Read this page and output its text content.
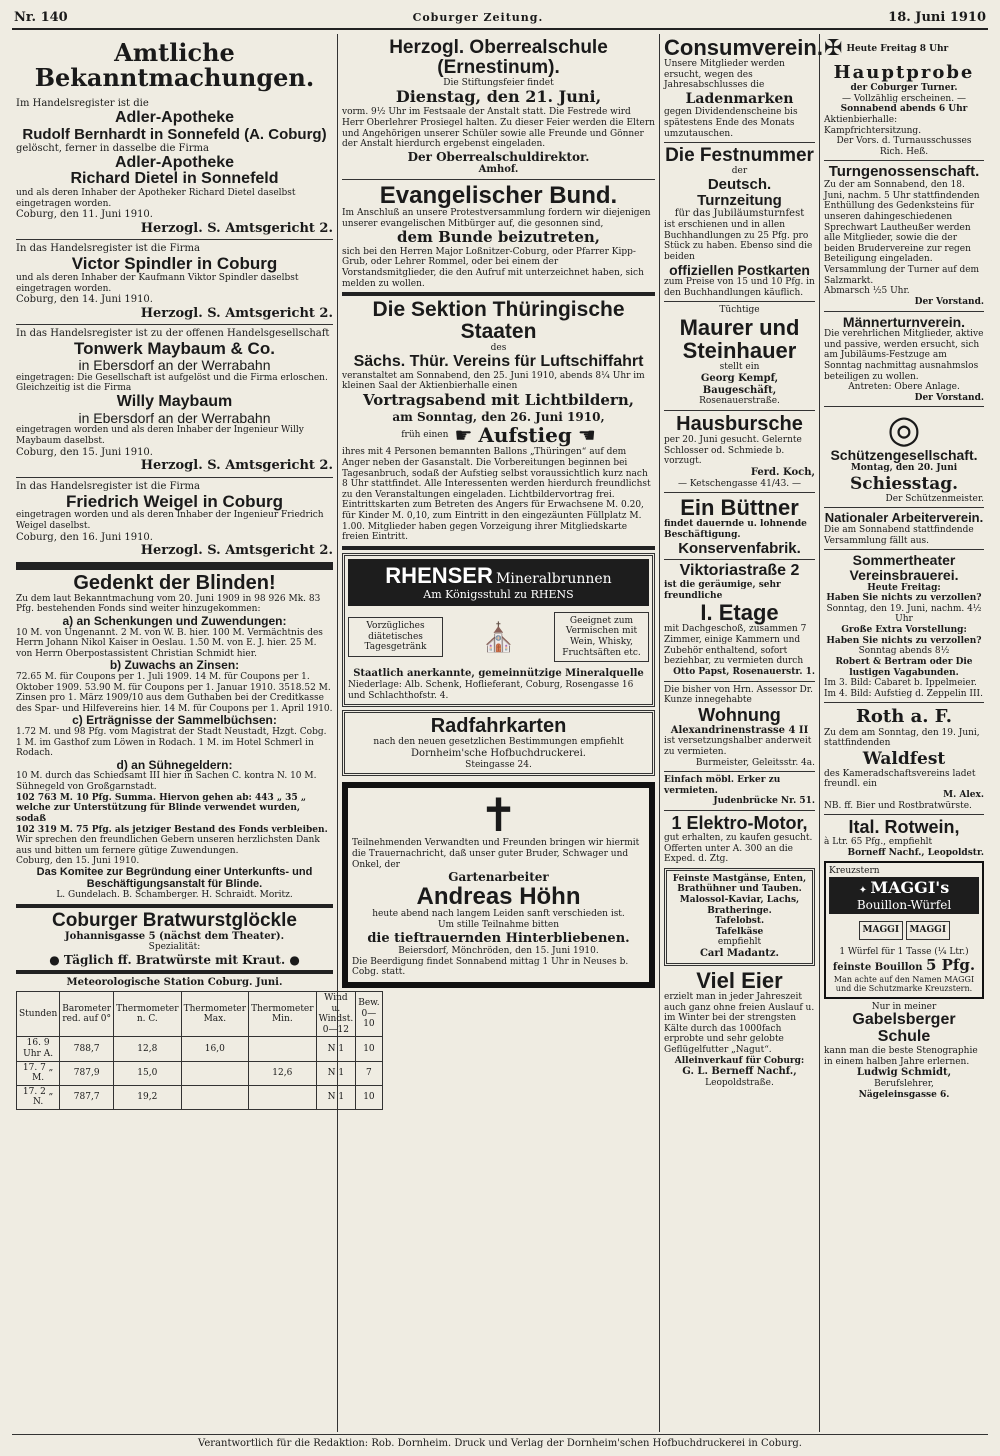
Nr. 140	Coburger Zeitung.	18. Juni 1910
Amtliche Bekanntmachungen.
Im Handelsregister ist die
Adler-Apotheke
Rudolf Bernhardt in Sonnefeld (A. Coburg)
gelöscht, ferner in dasselbe die Firma
Adler-Apotheke
Richard Dietel in Sonnefeld
und als deren Inhaber der Apotheker Richard Dietel daselbst eingetragen worden.
Coburg, den 11. Juni 1910.
Herzogl. S. Amtsgericht 2.
In das Handelsregister ist die Firma
Victor Spindler in Coburg
und als deren Inhaber der Kaufmann Viktor Spindler daselbst eingetragen worden.
Coburg, den 14. Juni 1910.
Herzogl. S. Amtsgericht 2.
In das Handelsregister ist zu der offenen Handelsgesellschaft
Tonwerk Maybaum & Co.
in Ebersdorf an der Werrabahn
eingetragen: Die Gesellschaft ist aufgelöst und die Firma erloschen. Gleichzeitig ist die Firma
Willy Maybaum
in Ebersdorf an der Werrabahn
eingetragen worden und als deren Inhaber der Ingenieur Willy Maybaum daselbst.
Coburg, den 15. Juni 1910.
Herzogl. S. Amtsgericht 2.
In das Handelsregister ist die Firma
Friedrich Weigel in Coburg
eingetragen worden und als deren Inhaber der Ingenieur Friedrich Weigel daselbst.
Coburg, den 16. Juni 1910.
Herzogl. S. Amtsgericht 2.
Gedenkt der Blinden!
Zu dem laut Bekanntmachung vom 20. Juni 1909 in 98 926 Mk. 83 Pfg. bestehenden Fonds sind weiter hinzugekommen:
a) an Schenkungen und Zuwendungen:
10 M. von Ungenannt. 2 M. von W. B. hier. 100 M. Vermächtnis des Herrn Johann Nikol Kaiser in Oeslau. 1.50 M. von E. J. hier. 25 M. von Herrn Oberpostassistent Christian Schmidt hier.
b) Zuwachs an Zinsen:
72.65 M. für Coupons per 1. Juli 1909. 14 M. für Coupons per 1. Oktober 1909. 53.90 M. für Coupons per 1. Januar 1910. 3518.52 M. Zinsen pro 1. März 1909/10 aus dem Guthaben bei der Creditkasse des Spar- und Hilfevereins hier. 14 M. für Coupons per 1. April 1910.
c) Erträgnisse der Sammelbüchsen:
1.72 M. und 98 Pfg. vom Magistrat der Stadt Neustadt, Hzgt. Cobg. 1 M. im Gasthof zum Löwen in Rodach. 1 M. im Hotel Schmerl in Rodach.
d) an Sühnegeldern:
10 M. durch das Schiedsamt III hier in Sachen C. kontra N. 10 M. Sühnegeld von Großgarnstadt.
102 763 M. 10 Pfg. Summa. Hiervon gehen ab: 443 „ 35 „ welche zur Unterstützung für Blinde verwendet wurden, sodaß
102 319 M. 75 Pfg. als jetziger Bestand des Fonds verbleiben.
Wir sprechen den freundlichen Gebern unseren herzlichsten Dank aus und bitten um fernere gütige Zuwendungen.
Coburg, den 15. Juni 1910.
Das Komitee zur Begründung einer Unterkunfts- und Beschäftigungsanstalt für Blinde.
L. Gundelach. B. Schamberger. H. Schraidt. Moritz.
Coburger Bratwurstglöckle
Johannisgasse 5 (nächst dem Theater).
Spezialität:
● Täglich ff. Bratwürste mit Kraut. ●
Meteorologische Station Coburg. Juni.
Stunden	Barometer red. auf 0°	Thermometer n. C.	Thermometer Max.	Thermometer Min.	Wind u. Windst. 0—12	Bew. 0—10
16. 9 Uhr A.	788,7	12,8	16,0		N 1	10
17. 7 „ M.	787,9	15,0		12,6	N 1	7
17. 2 „ N.	787,7	19,2			N 1	10
Herzogl. Oberrealschule (Ernestinum).
Die Stiftungsfeier findet
Dienstag, den 21. Juni,
vorm. 9½ Uhr im Festsaale der Anstalt statt. Die Festrede wird Herr Oberlehrer Prosiegel halten. Zu dieser Feier werden die Eltern und Angehörigen unserer Schüler sowie alle Freunde und Gönner der Anstalt hierdurch ergebenst eingeladen.
Der Oberrealschuldirektor.
Amhof.
Evangelischer Bund.
Im Anschluß an unsere Protestversammlung fordern wir diejenigen unserer evangelischen Mitbürger auf, die gesonnen sind,
dem Bunde beizutreten,
sich bei den Herren Major Loßnitzer-Coburg, oder Pfarrer Kipp-Grub, oder Lehrer Rommel, oder bei einem der Vorstandsmitglieder, die den Aufruf mit unterzeichnet haben, sich melden zu wollen.
Die Sektion Thüringische Staaten
des
Sächs. Thür. Vereins für Luftschiffahrt
veranstaltet am Sonnabend, den 25. Juni 1910, abends 8¼ Uhr im kleinen Saal der Aktienbierhalle einen
Vortragsabend mit Lichtbildern,
am Sonntag, den 26. Juni 1910,
früh einen ☛ Aufstieg ☚
ihres mit 4 Personen bemannten Ballons „Thüringen“ auf dem Anger neben der Gasanstalt. Die Vorbereitungen beginnen bei Tagesanbruch, sodaß der Aufstieg selbst voraussichtlich kurz nach 8 Uhr stattfindet. Alle Interessenten werden hierdurch freundlichst zu den Veranstaltungen eingeladen. Lichtbildervortrag frei. Eintrittskarten zum Betreten des Angers für Erwachsene M. 0.20, für Kinder M. 0,10, zum Eintritt in den eingezäunten Füllplatz M. 1.00. Mitglieder haben gegen Vorzeigung ihrer Mitgliedskarte freien Eintritt.
RHENSER Mineralbrunnen
Am Königsstuhl zu RHENS
Vorzügliches diätetisches Tagesgetränk	⛪	Geeignet zum Vermischen mit Wein, Whisky, Fruchtsäften etc.
Staatlich anerkannte, gemeinnützige Mineralquelle
Niederlage: Alb. Schenk, Hoflieferant, Coburg, Rosengasse 16 und Schlachthofstr. 4.
Radfahrkarten
nach den neuen gesetzlichen Bestimmungen empfiehlt
Dornheim'sche Hofbuchdruckerei.
Steingasse 24.
✝
Teilnehmenden Verwandten und Freunden bringen wir hiermit die Trauernachricht, daß unser guter Bruder, Schwager und Onkel, der
Gartenarbeiter
Andreas Höhn
heute abend nach langem Leiden sanft verschieden ist.
Um stille Teilnahme bitten
die tieftrauernden Hinterbliebenen.
Beiersdorf, Mönchröden, den 15. Juni 1910.
Die Beerdigung findet Sonnabend mittag 1 Uhr in Neuses b. Cobg. statt.
Consumverein.
Unsere Mitglieder werden ersucht, wegen des Jahresabschlusses die
Ladenmarken
gegen Dividendenscheine bis spätestens Ende des Monats umzutauschen.
Die Festnummer
der
Deutsch. Turnzeitung
für das Jubiläumsturnfest
ist erschienen und in allen Buchhandlungen zu 25 Pfg. pro Stück zu haben. Ebenso sind die beiden
offiziellen Postkarten
zum Preise von 15 und 10 Pfg. in den Buchhandlungen käuflich.
Tüchtige
Maurer und Steinhauer
stellt ein
Georg Kempf, Baugeschäft,
Rosenauerstraße.
Hausbursche
per 20. Juni gesucht. Gelernte Schlosser od. Schmiede b. vorzugt.
Ferd. Koch,
— Ketschengasse 41/43. —
Ein Büttner
findet dauernde u. lohnende Beschäftigung.
Konservenfabrik.
Viktoriastraße 2
ist die geräumige, sehr freundliche
I. Etage
mit Dachgeschoß, zusammen 7 Zimmer, einige Kammern und Zubehör enthaltend, sofort beziehbar, zu vermieten durch
Otto Papst, Rosenauerstr. 1.
Die bisher von Hrn. Assessor Dr. Kunze innegehabte
Wohnung
Alexandrinenstrasse 4 II
ist versetzungshalber anderweit zu vermieten.
Burmeister, Geleitsstr. 4a.
Einfach möbl. Erker zu vermieten.
Judenbrücke Nr. 51.
1 Elektro-Motor,
gut erhalten, zu kaufen gesucht. Offerten unter A. 300 an die Exped. d. Ztg.
Feinste Mastgänse, Enten, Brathühner und Tauben.
Malossol-Kaviar, Lachs, Bratheringe.
Tafelobst.
Tafelkäse
empfiehlt
Carl Madantz.
Viel Eier
erzielt man in jeder Jahreszeit auch ganz ohne freien Auslauf u. im Winter bei der strengsten Kälte durch das 1000fach erprobte und sehr gelobte Geflügelfutter „Nagut“.
Alleinverkauf für Coburg:
G. L. Berneff Nachf.,
Leopoldstraße.
✠ Heute Freitag 8 Uhr
Hauptprobe
der Coburger Turner.
— Vollzählig erscheinen. —
Sonnabend abends 6 Uhr
Aktienbierhalle: Kampfrichtersitzung.
Der Vors. d. Turnausschusses
Rich. Heß.
Turngenossenschaft.
Zu der am Sonnabend, den 18. Juni, nachm. 5 Uhr stattfindenden Enthüllung des Gedenksteins für unseren dahingeschiedenen Sprechwart Lautheußer werden alle Mitglieder, sowie die der beiden Brudervereine zur regen Beteiligung eingeladen. Versammlung der Turner auf dem Salzmarkt.
Abmarsch ½5 Uhr.
Der Vorstand.
Männerturnverein.
Die verehrlichen Mitglieder, aktive und passive, werden ersucht, sich am Jubiläums-Festzuge am Sonntag nachmittag ausnahmslos beteiligen zu wollen.
Antreten: Obere Anlage.
Der Vorstand.
◎
Schützengesellschaft.
Montag, den 20. Juni
Schiesstag.
Der Schützenmeister.
Nationaler Arbeiterverein.
Die am Sonnabend stattfindende Versammlung fällt aus.
Sommertheater
Vereinsbrauerei.
Heute Freitag:
Haben Sie nichts zu verzollen?
Sonntag, den 19. Juni, nachm. 4½ Uhr
Große Extra Vorstellung:
Haben Sie nichts zu verzollen?
Sonntag abends 8½
Robert & Bertram oder Die lustigen Vagabunden.
Im 3. Bild: Cabaret b. Ippelmeier. Im 4. Bild: Aufstieg d. Zeppelin III.
Roth a. F.
Zu dem am Sonntag, den 19. Juni, stattfindenden
Waldfest
des Kameradschaftsvereins ladet freundl. ein
M. Alex.
NB. ff. Bier und Rostbratwürste.
Ital. Rotwein,
à Ltr. 65 Pfg., empfiehlt
Borneff Nachf., Leopoldstr.
Kreuzstern
✦ MAGGI's
Bouillon-Würfel
MAGGI	MAGGI
1 Würfel für 1 Tasse (¼ Ltr.)
feinste Bouillon 5 Pfg.
Man achte auf den Namen MAGGI und die Schutzmarke Kreuzstern.
Nur in meiner
Gabelsberger Schule
kann man die beste Stenographie in einem halben Jahre erlernen.
Ludwig Schmidt,
Berufslehrer,
Nägeleinsgasse 6.
Verantwortlich für die Redaktion: Rob. Dornheim. Druck und Verlag der Dornheim'schen Hofbuchdruckerei in Coburg.
